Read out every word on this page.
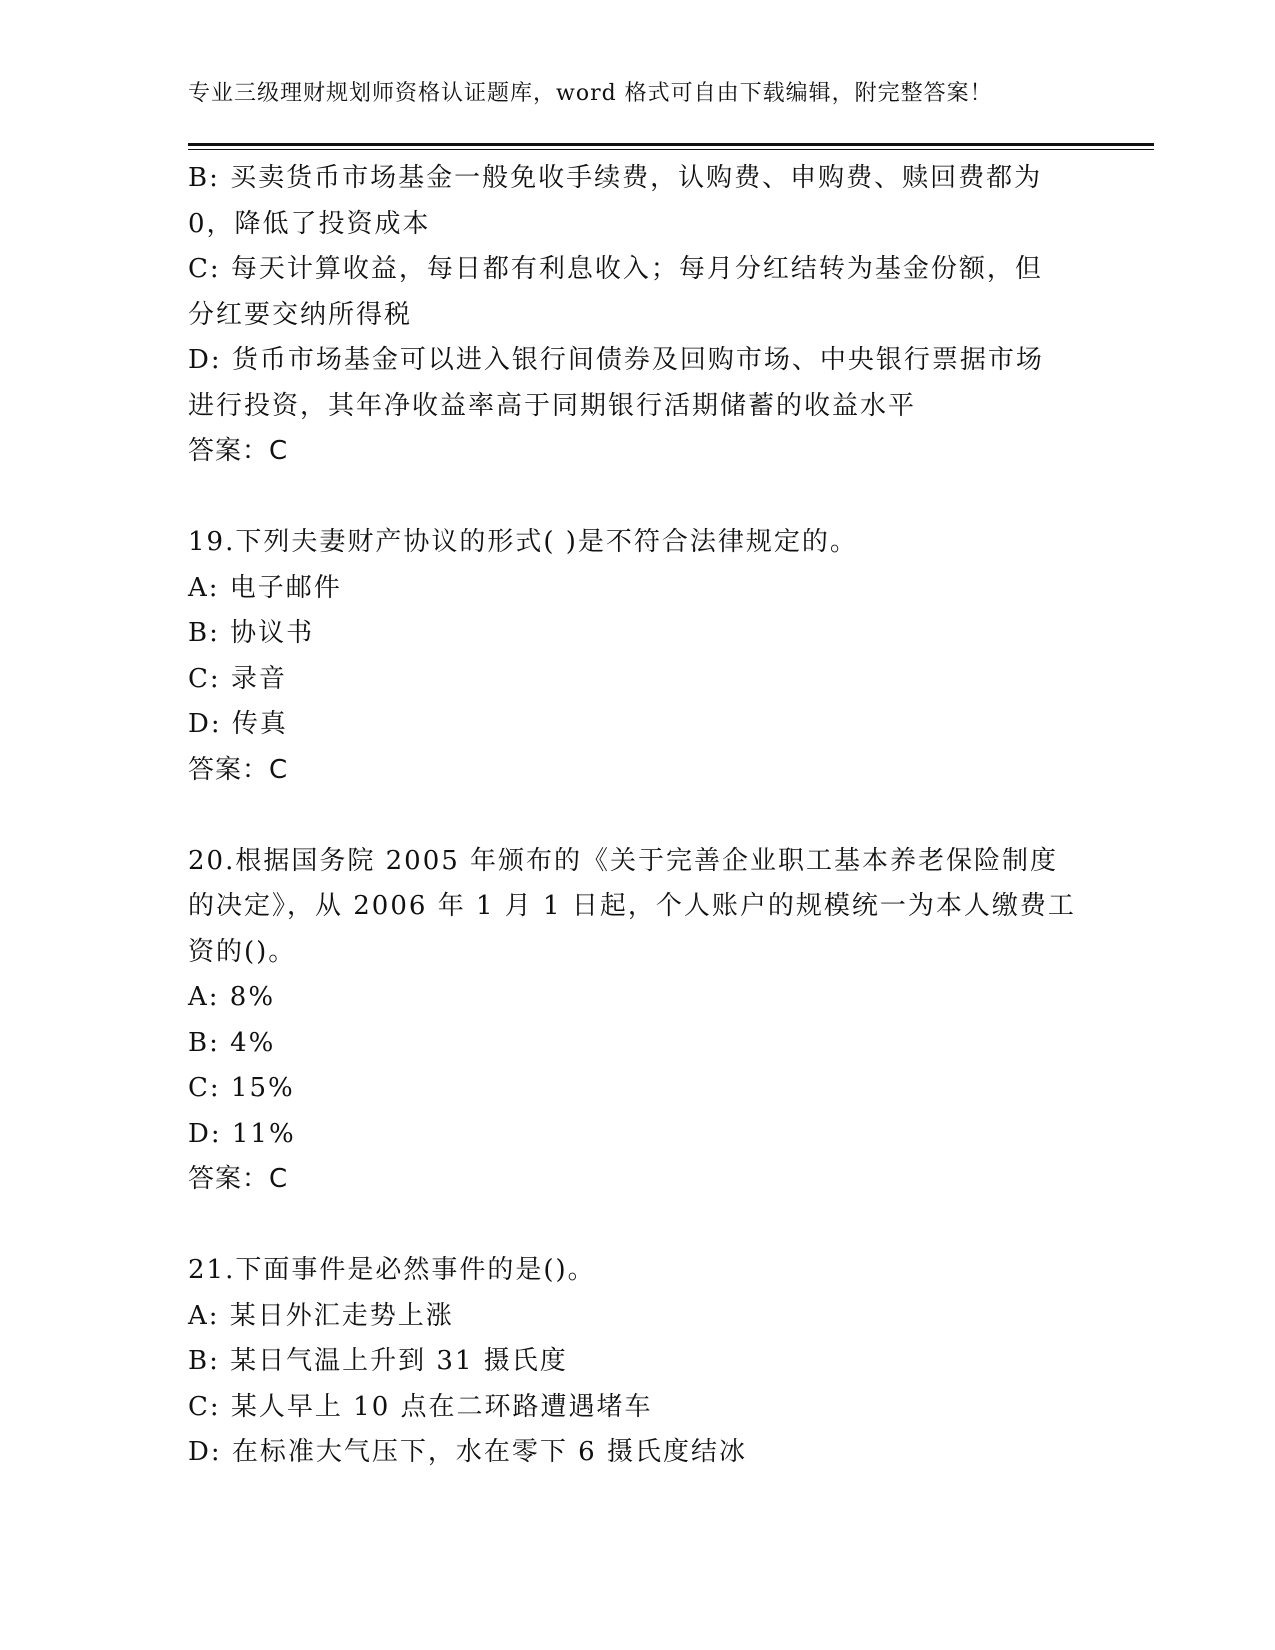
专业三级理财规划师资格认证题库，word 格式可自由下载编辑，附完整答案！
B: 买卖货币市场基金一般免收手续费，认购费、申购费、赎回费都为
0，降低了投资成本
C: 每天计算收益，每日都有利息收入；每月分红结转为基金份额，但
分红要交纳所得税
D: 货币市场基金可以进入银行间债券及回购市场、中央银行票据市场
进行投资，其年净收益率高于同期银行活期储蓄的收益水平
答案：C
19.下列夫妻财产协议的形式( )是不符合法律规定的。
A: 电子邮件
B: 协议书
C: 录音
D: 传真
答案：C
20.根据国务院 2005 年颁布的《关于完善企业职工基本养老保险制度
的决定》，从 2006 年 1 月 1 日起，个人账户的规模统一为本人缴费工
资的()。
A: 8%
B: 4%
C: 15%
D: 11%
答案：C
21.下面事件是必然事件的是()。
A: 某日外汇走势上涨
B: 某日气温上升到 31 摄氏度
C: 某人早上 10 点在二环路遭遇堵车
D: 在标准大气压下，水在零下 6 摄氏度结冰
